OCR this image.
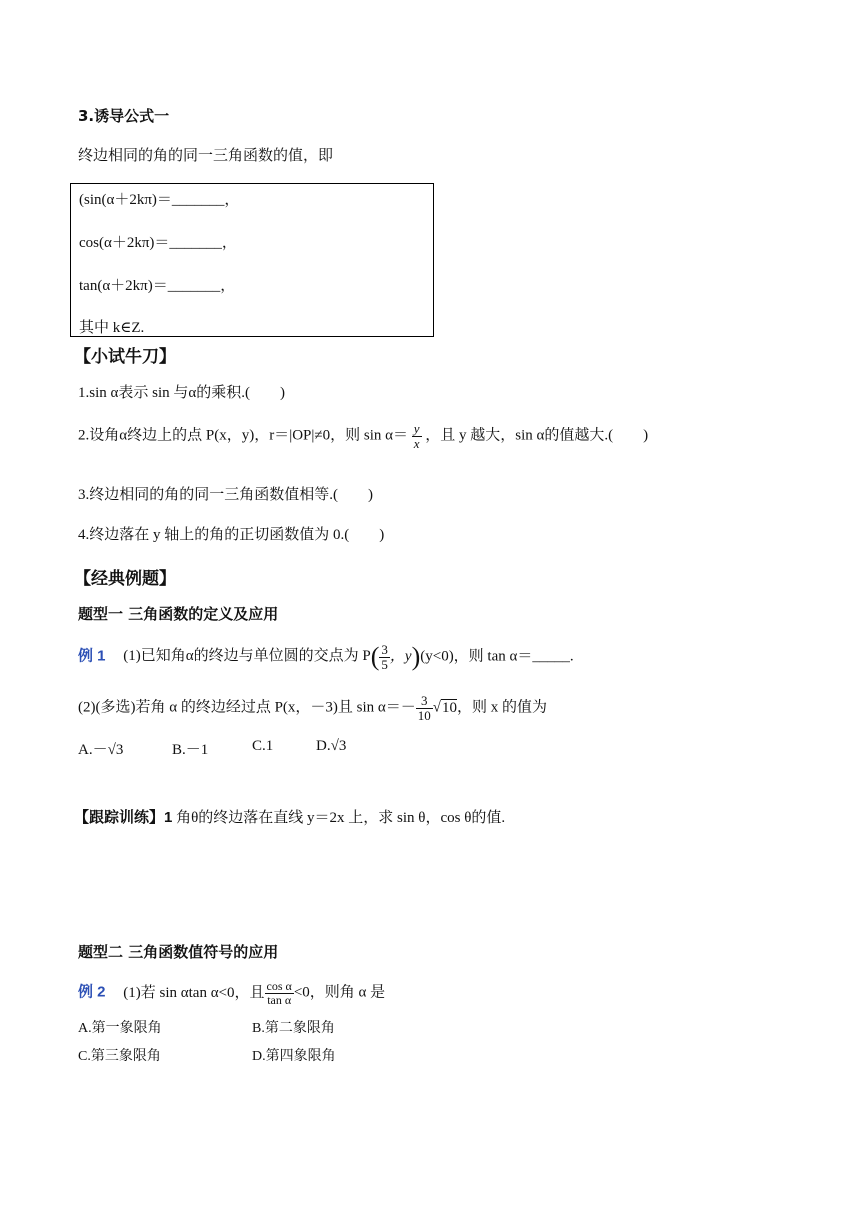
3.诱导公式一
终边相同的角的同一三角函数的值，即
(sin(α＋2kπ)＝_______，
cos(α＋2kπ)＝_______，
tan(α＋2kπ)＝_______，
其中 k∈Z.
【小试牛刀】
1.sin α表示 sin 与α的乘积.(　　)
2.设角α终边上的点 P(x，y)，r＝|OP|≠0，则 $\sin \alpha= \frac{y}{x}$ ，且 y 越大，sin α的值越大.(　　)
3.终边相同的角的同一三角函数值相等.(　　)
4.终边落在 y 轴上的角的正切函数值为 0.(　　)
【经典例题】
题型一 三角函数的定义及应用
例 1 (1)已知角α的终边与单位圆的交点为 $P( \frac{3}{5}$ ，y)(y<0)，则 tan α＝_____.
(2)(多选)若角 α 的终边经过点 P(x，－3)且 $\sin \alpha=- \frac{3}{10} √10$，则 x 的值为
A.－√3	B.－1	C.1	D.√3
【跟踪训练】1 角θ的终边落在直线 y＝2x 上，求 sin θ，cos θ的值.
题型二 三角函数值符号的应用
例 2 (1)若 sin αtan α<0，且 $\frac{\text{cos α}}{\text{tan α}} <0$，则角 α 是
A.第一象限角	B.第二象限角
C.第三象限角	D.第四象限角
